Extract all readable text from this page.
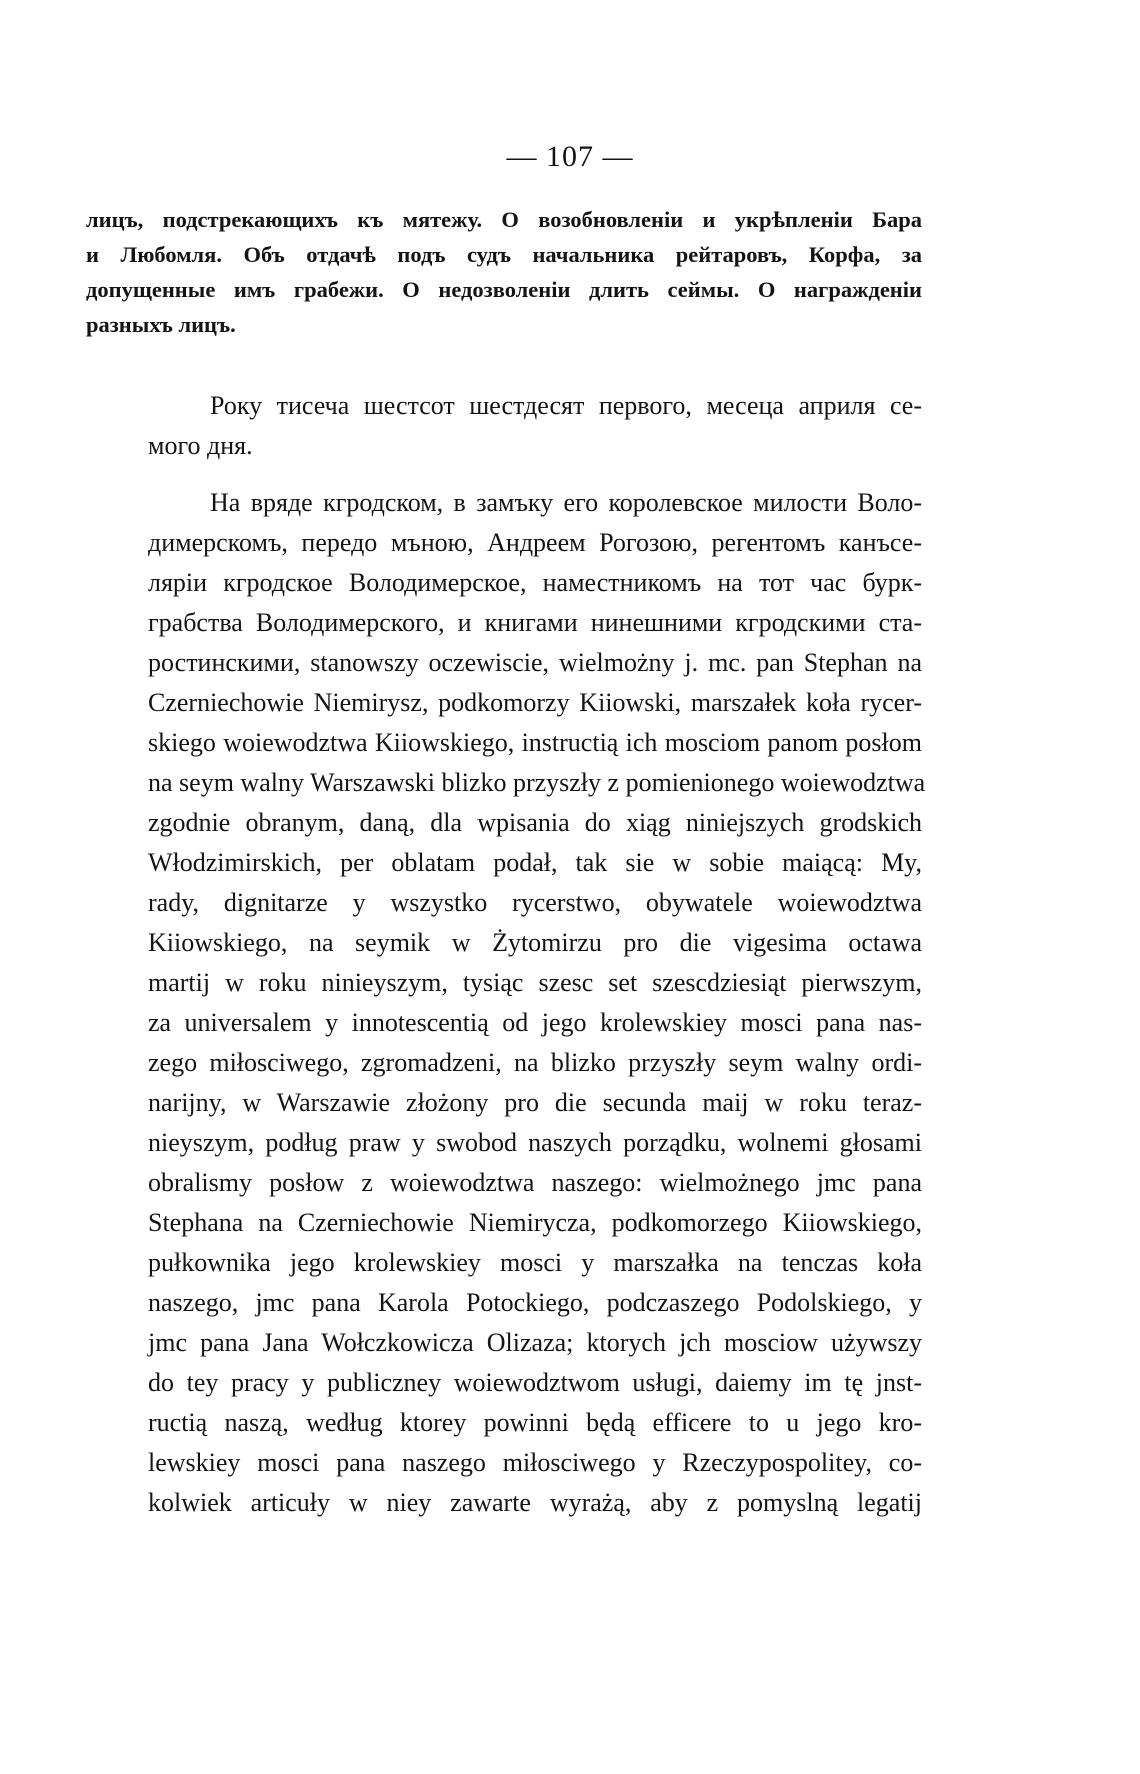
— 107 —

лицъ, подстрекающихъ къ мятежу. О возобновленіи и укрѣпленіи Бара
и Любомля. Объ отдачѣ подъ судъ начальника рейтаровъ, Корфа, за
допущенные имъ грабежи. О недозволеніи длить сеймы. О награжденіи
разныхъ лицъ.

Року тисеча шестсот шестдесят первого, месеца априля се-
мого дня.

На вряде кгродском, в замъку его королевское милости Воло-
димерскомъ, передо мъною, Андреем Рогозою, регентомъ канъсе-
ляріи кгродское Володимерское, наместникомъ на тот час бурк-
грабства Володимерского, и книгами нинешними кгродскими ста-
ростинскими, stanowszy oczewiscie, wielmożny j. mc. pan Stephan na
Czerniechowie Niemirysz, podkomorzy Kiiowski, marszałek koła rycer-
skiego woiewodztwa Kiiowskiego, instructią ich mosciom panom posłom
na seym walny Warszawski blizko przyszły z pomienionego woiewodztwa
zgodnie obranym, daną, dla wpisania do xiąg niniejszych grodskich
Włodzimirskich, per oblatam podał, tak sie w sobie maiącą: My,
rady, dignitarze y wszystko rycerstwo, obywatele woiewodztwa
Kiiowskiego, na seymik w Żytomirzu pro die vigesima octawa
martij w roku ninieyszym, tysiąc szesc set szescdziesiąt pierwszym,
za universalem y innotescentią od jego krolewskiey mosci pana nas-
zego miłosciwego, zgromadzeni, na blizko przyszły seym walny ordi-
narijny, w Warszawie złożony pro die secunda maij w roku teraz-
nieyszym, podług praw y swobod naszych porządku, wolnemi głosami
obralismy posłow z woiewodztwa naszego: wielmożnego jmc pana
Stephana na Czerniechowie Niemirycza, podkomorzego Kiiowskiego,
pułkownika jego krolewskiey mosci y marszałka na tenczas koła
naszego, jmc pana Karola Potockiego, podczaszego Podolskiego, y
jmc pana Jana Wołczkowicza Olizaza; ktorych jch mosciow używszy
do tey pracy y publiczney woiewodztwom usługi, daiemy im tę jnst-
ructią naszą, według ktorey powinni będą efficere to u jego kro-
lewskiey mosci pana naszego miłosciwego y Rzeczypospolitey, co-
kolwiek articuły w niey zawarte wyrażą, aby z pomyslną legatij
